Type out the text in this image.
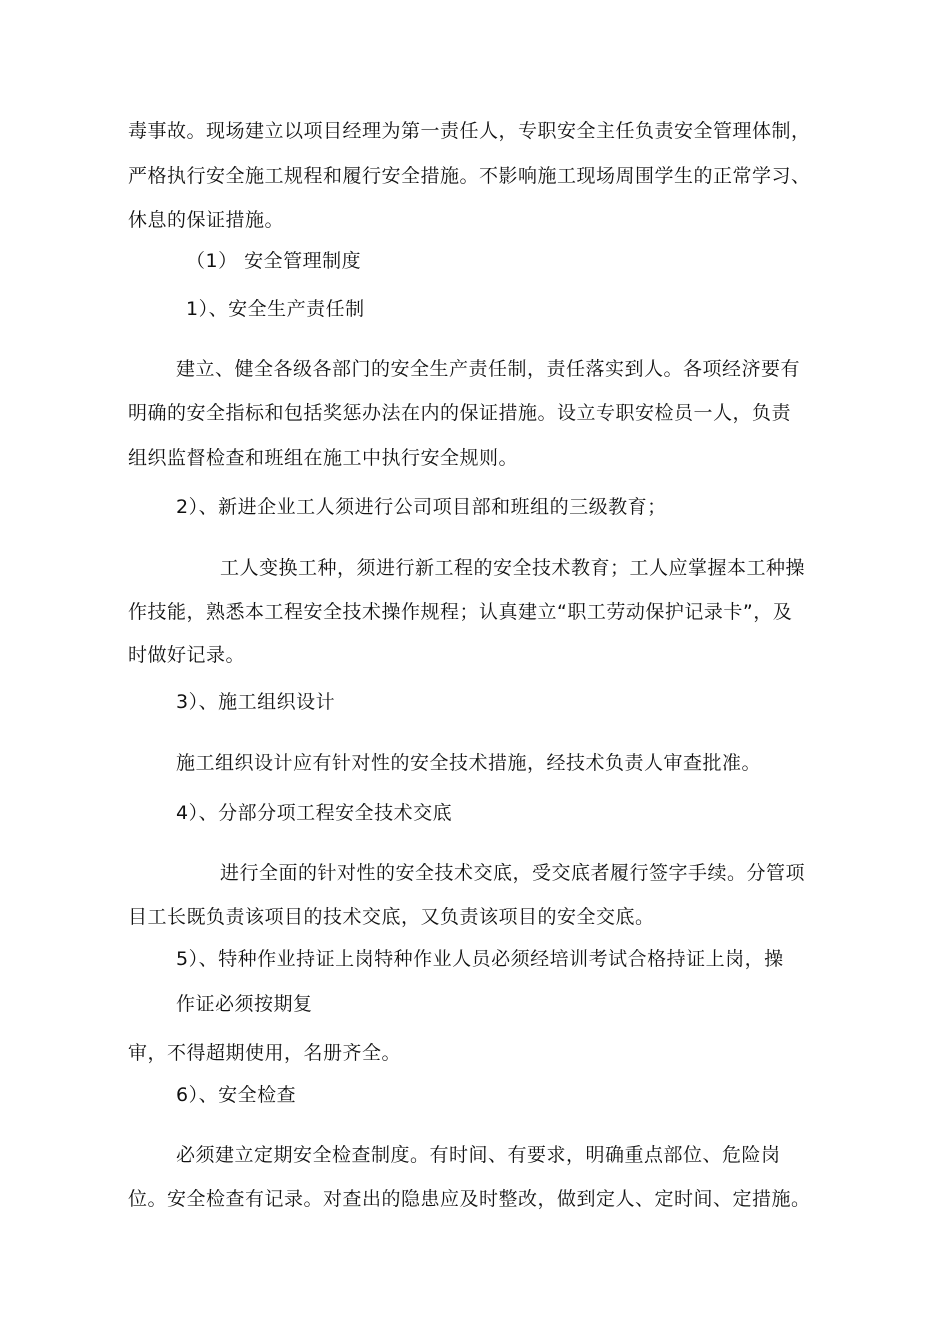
毒事故。现场建立以项目经理为第一责任人，专职安全主任负责安全管理体制，
严格执行安全施工规程和履行安全措施。不影响施工现场周围学生的正常学习、
休息的保证措施。
（1） 安全管理制度
1）、安全生产责任制
建立、健全各级各部门的安全生产责任制，责任落实到人。各项经济要有
明确的安全指标和包括奖惩办法在内的保证措施。设立专职安检员一人，负责
组织监督检查和班组在施工中执行安全规则。
2）、新进企业工人须进行公司项目部和班组的三级教育；
工人变换工种，须进行新工程的安全技术教育；工人应掌握本工种操
作技能，熟悉本工程安全技术操作规程；认真建立“职工劳动保护记录卡”，及
时做好记录。
3）、施工组织设计
施工组织设计应有针对性的安全技术措施，经技术负责人审查批准。
4）、分部分项工程安全技术交底
进行全面的针对性的安全技术交底，受交底者履行签字手续。分管项
目工长既负责该项目的技术交底，又负责该项目的安全交底。
5）、特种作业持证上岗特种作业人员必须经培训考试合格持证上岗，操
作证必须按期复
审，不得超期使用，名册齐全。
6）、安全检查
必须建立定期安全检查制度。有时间、有要求，明确重点部位、危险岗
位。安全检查有记录。对查出的隐患应及时整改，做到定人、定时间、定措施。
